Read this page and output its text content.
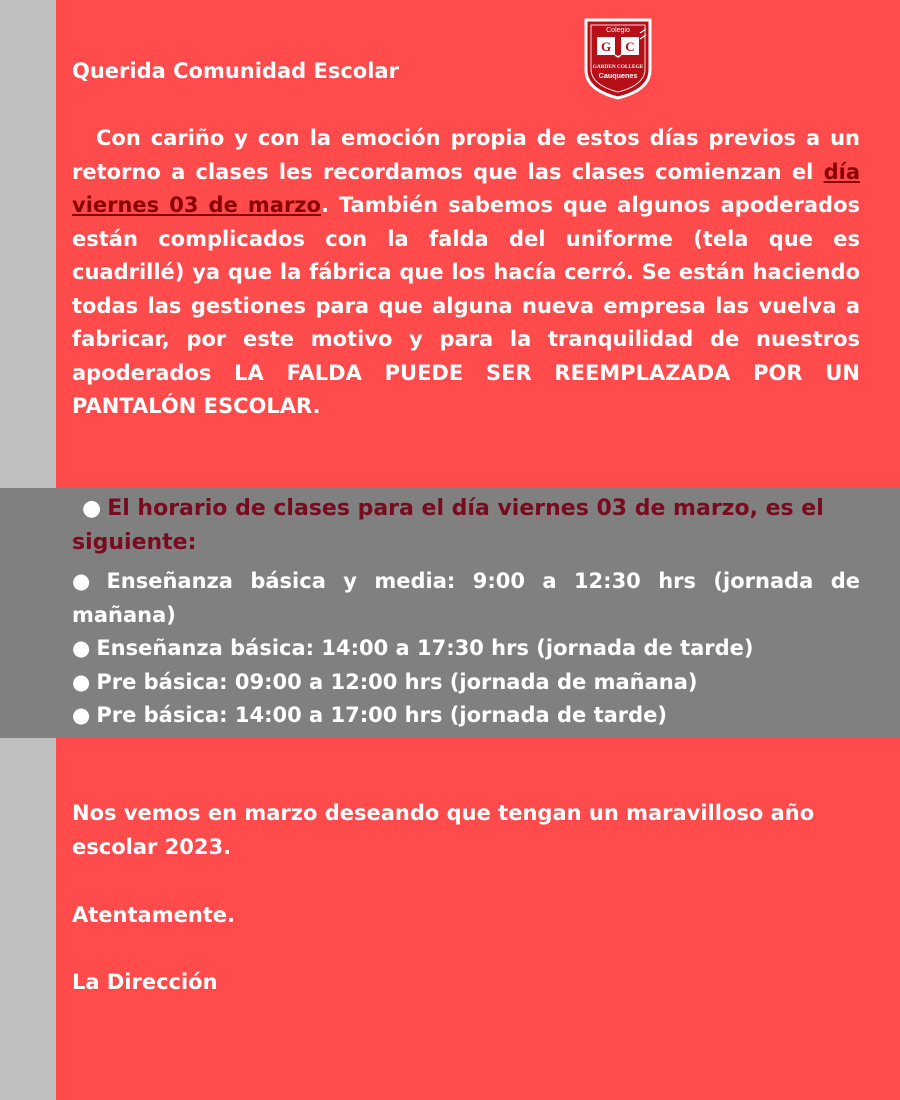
Colegio
G C
GARDEN COLLEGE
Cauquenes

Querida Comunidad Escolar

Con cariño y con la emoción propia de estos días previos a un retorno a clases les recordamos que las clases comienzan el día viernes 03 de marzo. También sabemos que algunos apoderados están complicados con la falda del uniforme (tela que es cuadrillé) ya que la fábrica que los hacía cerró. Se están haciendo todas las gestiones para que alguna nueva empresa las vuelva a fabricar, por este motivo y para la tranquilidad de nuestros apoderados LA FALDA PUEDE SER REEMPLAZADA POR UN PANTALÓN ESCOLAR.

● El horario de clases para el día viernes 03 de marzo, es el siguiente:

● Enseñanza básica y media: 9:00 a 12:30 hrs (jornada de mañana)
● Enseñanza básica: 14:00 a 17:30 hrs (jornada de tarde)
● Pre básica: 09:00 a 12:00 hrs (jornada de mañana)
● Pre básica: 14:00 a 17:00 hrs (jornada de tarde)

Nos vemos en marzo deseando que tengan un maravilloso año escolar 2023.

Atentamente.

La Dirección
